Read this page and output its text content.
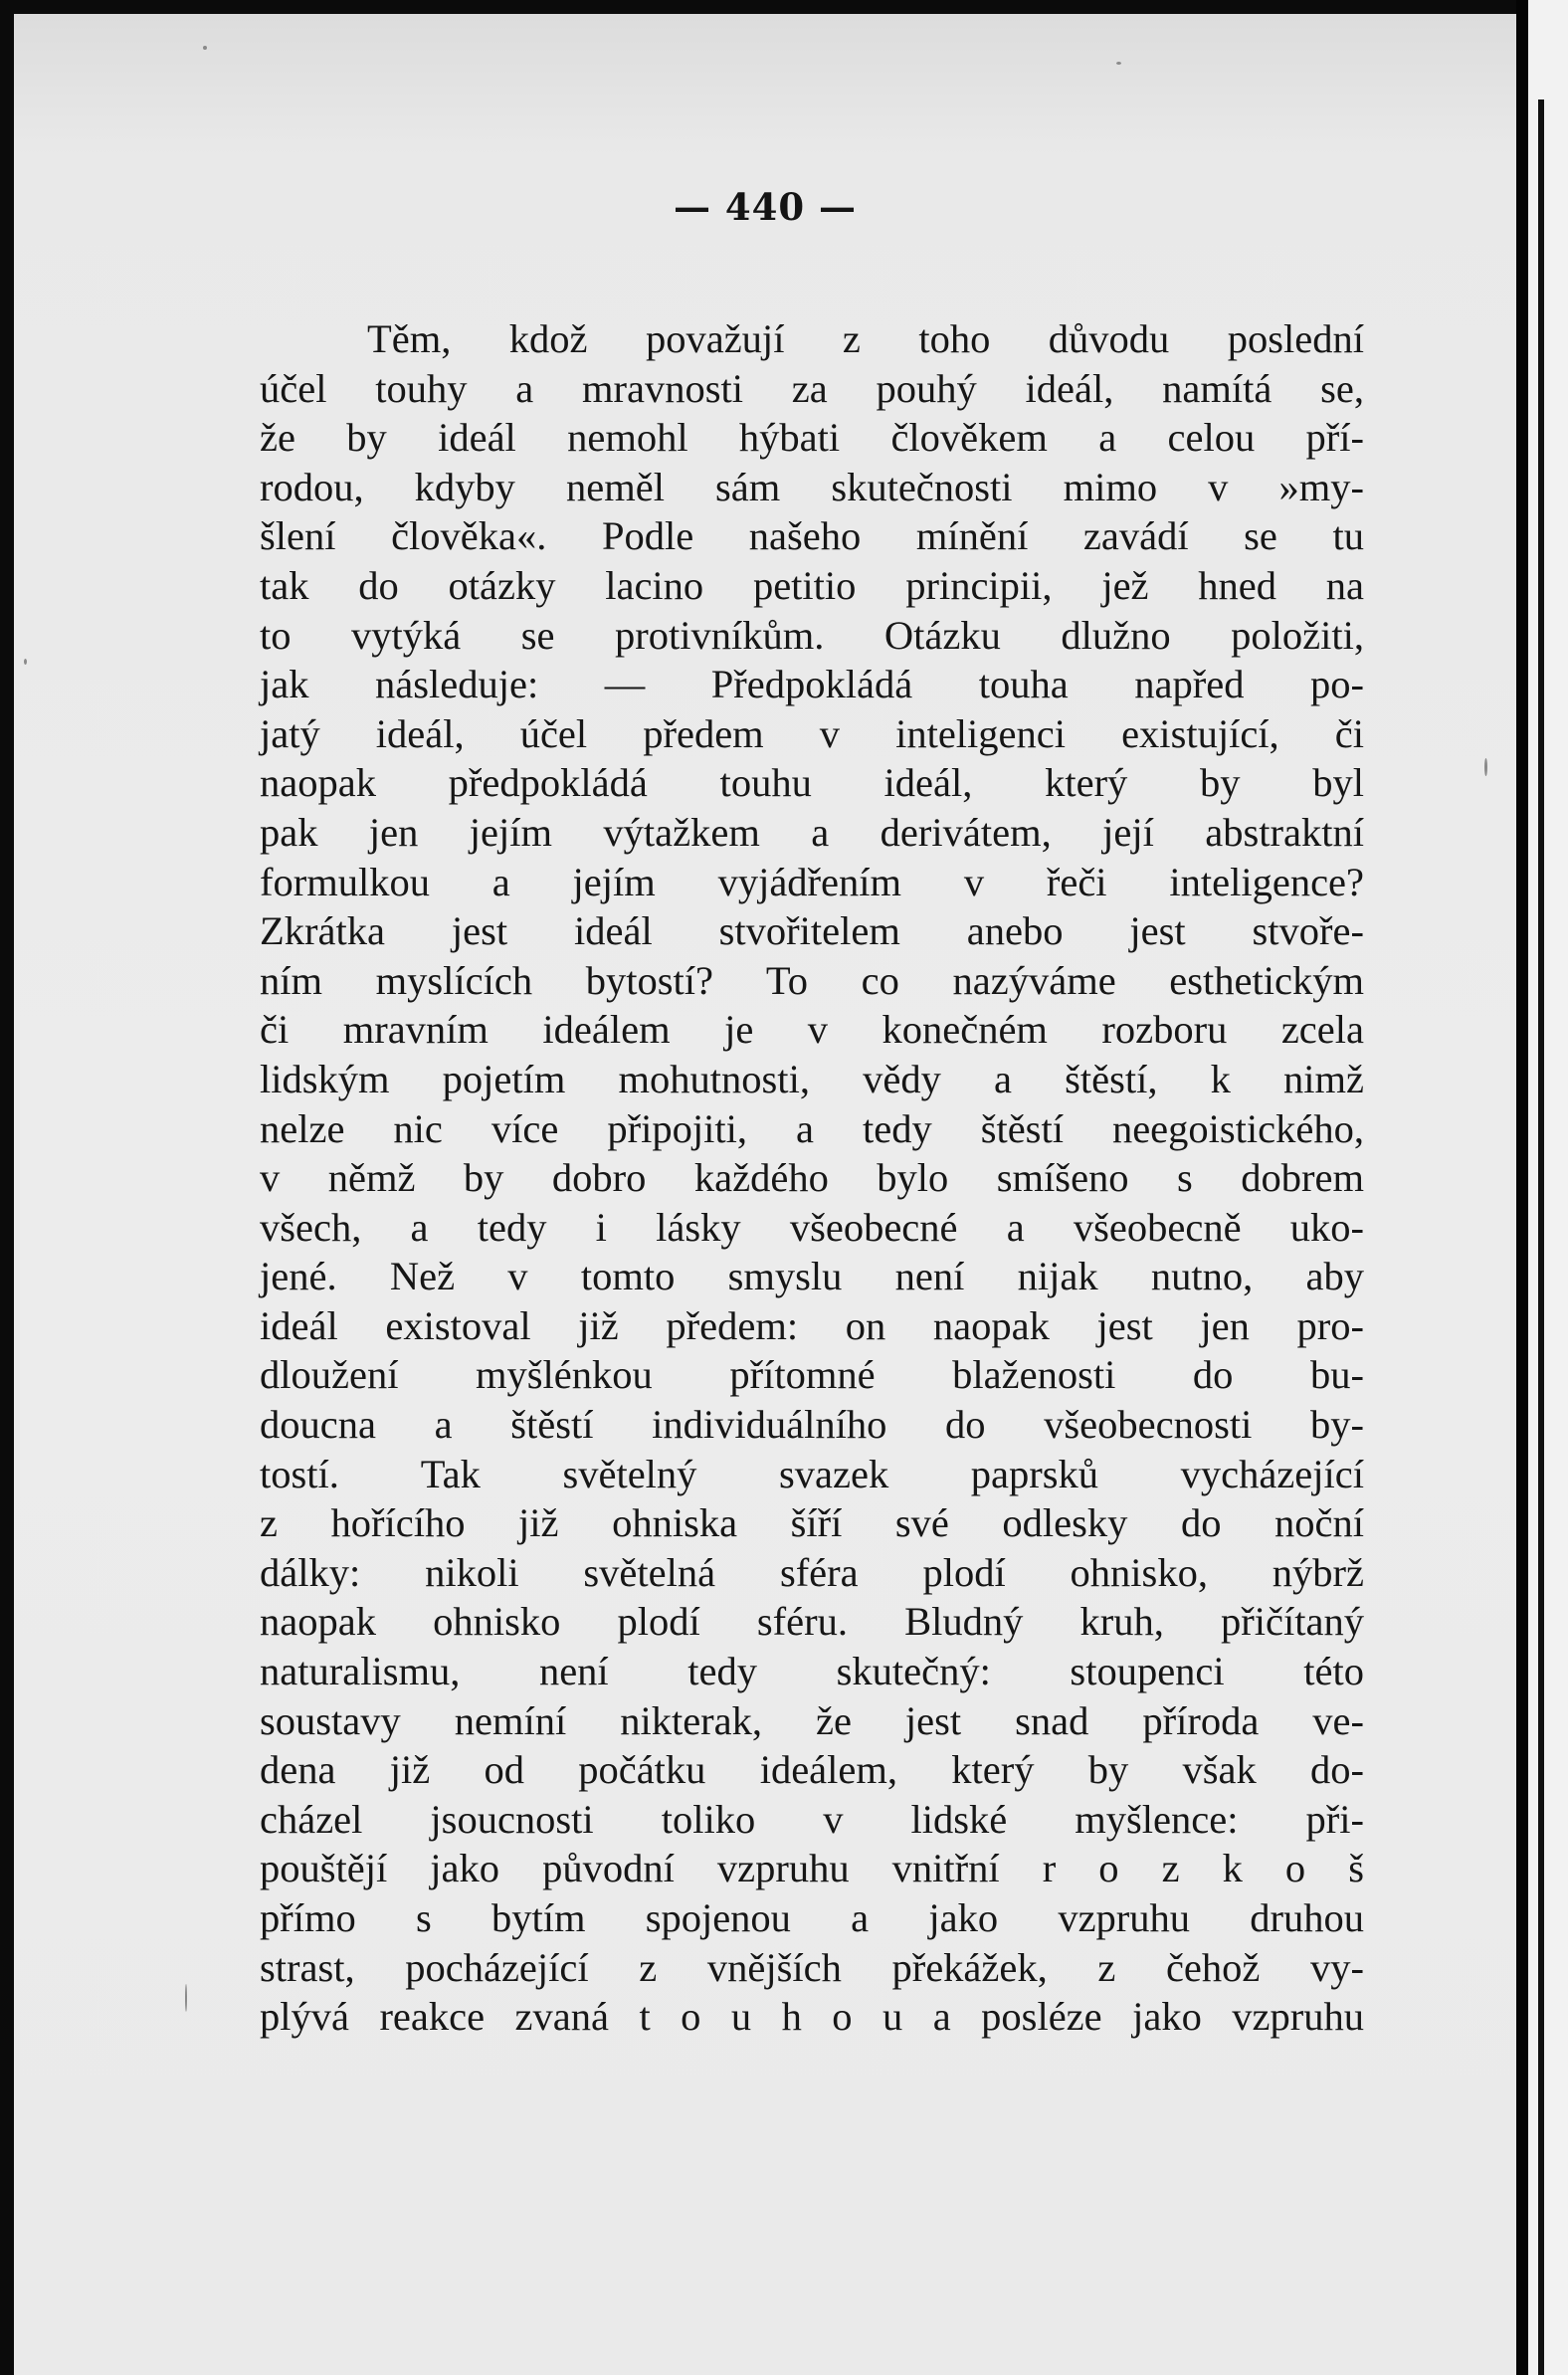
— 440 —
Těm, kdož považují z toho důvodu poslední
účel touhy a mravnosti za pouhý ideál, namítá se,
že by ideál nemohl hýbati člověkem a celou pří-
rodou, kdyby neměl sám skutečnosti mimo v »my-
šlení člověka«. Podle našeho mínění zavádí se tu
tak do otázky lacino petitio principii, jež hned na
to vytýká se protivníkům. Otázku dlužno položiti,
jak následuje: — Předpokládá touha napřed po-
jatý ideál, účel předem v inteligenci existující, či
naopak předpokládá touhu ideál, který by byl
pak jen jejím výtažkem a derivátem, její abstraktní
formulkou a jejím vyjádřením v řeči inteligence?
Zkrátka jest ideál stvořitelem anebo jest stvoře-
ním myslících bytostí? To co nazýváme esthetickým
či mravním ideálem je v konečném rozboru zcela
lidským pojetím mohutnosti, vědy a štěstí, k nimž
nelze nic více připojiti, a tedy štěstí neegoistického,
v němž by dobro každého bylo smíšeno s dobrem
všech, a tedy i lásky všeobecné a všeobecně uko-
jené. Než v tomto smyslu není nijak nutno, aby
ideál existoval již předem: on naopak jest jen pro-
dloužení myšlénkou přítomné blaženosti do bu-
doucna a štěstí individuálního do všeobecnosti by-
tostí. Tak světelný svazek paprsků vycházející
z hořícího již ohniska šíří své odlesky do noční
dálky: nikoli světelná sféra plodí ohnisko, nýbrž
naopak ohnisko plodí sféru. Bludný kruh, přičítaný
naturalismu, není tedy skutečný: stoupenci této
soustavy nemíní nikterak, že jest snad příroda ve-
dena již od počátku ideálem, který by však do-
cházel jsoucnosti toliko v lidské myšlence: při-
pouštějí jako původní vzpruhu vnitřní r o z k o š
přímo s bytím spojenou a jako vzpruhu druhou
strast, pocházející z vnějších překážek, z čehož vy-
plývá reakce zvaná t o u h o u a posléze jako vzpruhu
